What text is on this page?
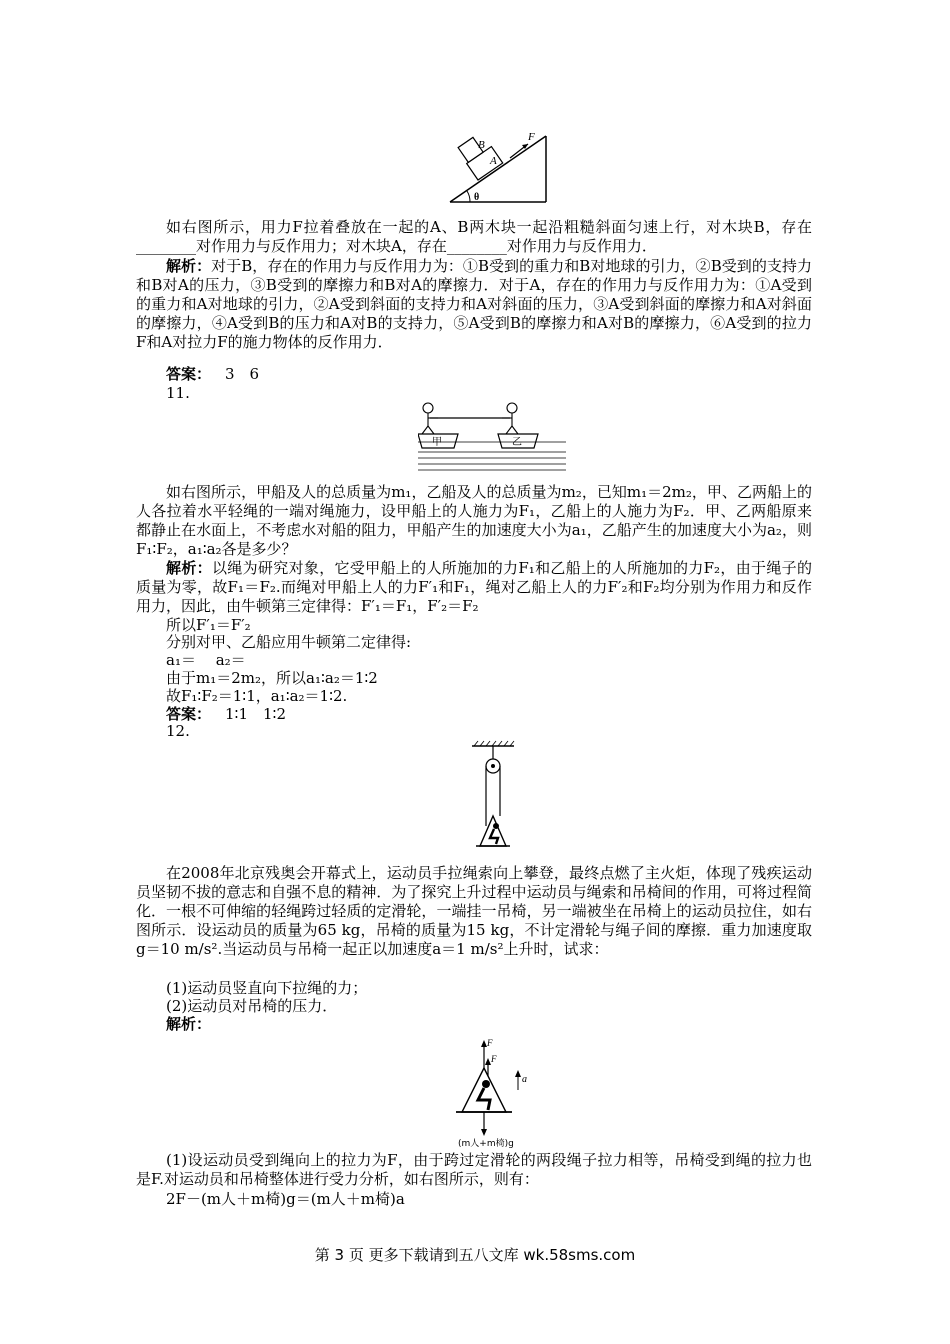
B
A
F
θ

如右图所示，用力F拉着叠放在一起的A、B两木块一起沿粗糙斜面匀速上行，对木块B，存在________对作用力与反作用力；对木块A，存在________对作用力与反作用力．

解析：对于B，存在的作用力与反作用力为：①B受到的重力和B对地球的引力，②B受到的支持力和B对A的压力，③B受到的摩擦力和B对A的摩擦力．对于A，存在的作用力与反作用力为：①A受到的重力和A对地球的引力，②A受到斜面的支持力和A对斜面的压力，③A受到斜面的摩擦力和A对斜面的摩擦力，④A受到B的压力和A对B的支持力，⑤A受到B的摩擦力和A对B的摩擦力，⑥A受到的拉力F和A对拉力F的施力物体的反作用力．

答案： 3　6

11.

甲	乙

如右图所示，甲船及人的总质量为m₁，乙船及人的总质量为m₂，已知m₁＝2m₂，甲、乙两船上的人各拉着水平轻绳的一端对绳施力，设甲船上的人施力为F₁，乙船上的人施力为F₂．甲、乙两船原来都静止在水面上，不考虑水对船的阻力，甲船产生的加速度大小为a₁，乙船产生的加速度大小为a₂，则F₁∶F₂，a₁∶a₂各是多少？

解析：以绳为研究对象，它受甲船上的人所施加的力F₁和乙船上的人所施加的力F₂，由于绳子的质量为零，故F₁＝F₂.而绳对甲船上人的力F′₁和F₁，绳对乙船上人的力F′₂和F₂均分别为作用力和反作用力，因此，由牛顿第三定律得：F′₁＝F₁，F′₂＝F₂

所以F′₁＝F′₂

分别对甲、乙船应用牛顿第二定律得:

a₁＝　 a₂＝

由于m₁＝2m₂，所以a₁∶a₂＝1∶2

故F₁∶F₂＝1∶1，a₁∶a₂＝1∶2.

答案： 1∶1　1∶2

12.

在2008年北京残奥会开幕式上，运动员手拉绳索向上攀登，最终点燃了主火炬，体现了残疾运动员坚韧不拔的意志和自强不息的精神．为了探究上升过程中运动员与绳索和吊椅间的作用，可将过程简化．一根不可伸缩的轻绳跨过轻质的定滑轮，一端挂一吊椅，另一端被坐在吊椅上的运动员拉住，如右图所示．设运动员的质量为65 kg，吊椅的质量为15 kg，不计定滑轮与绳子间的摩擦．重力加速度取g＝10 m/s².当运动员与吊椅一起正以加速度a＝1 m/s²上升时，试求：

(1)运动员竖直向下拉绳的力；

(2)运动员对吊椅的压力．

解析：

F
F
a
(m人+m椅)g

(1)设运动员受到绳向上的拉力为F，由于跨过定滑轮的两段绳子拉力相等，吊椅受到绳的拉力也是F.对运动员和吊椅整体进行受力分析，如右图所示，则有：

2F－(m人＋m椅)g＝(m人＋m椅)a

第 3 页 更多下载请到五八文库 wk.58sms.com
